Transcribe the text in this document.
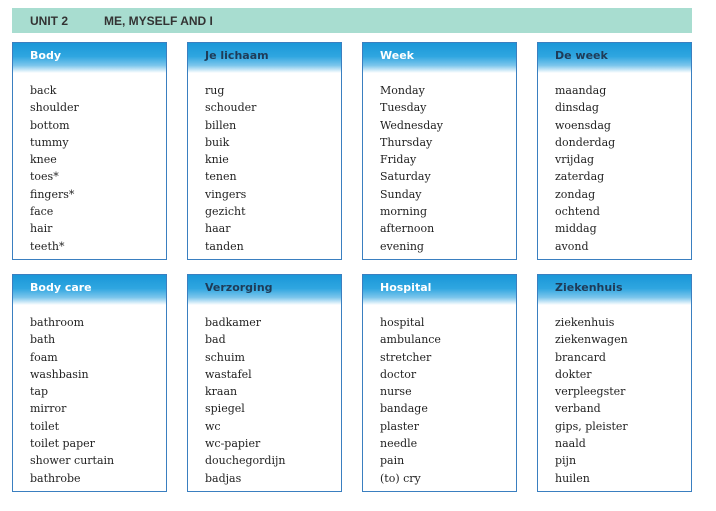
UNIT 2	ME, MYSELF AND I
Body
back
shoulder
bottom
tummy
knee
toes*
fingers*
face
hair
teeth*
Je lichaam
rug
schouder
billen
buik
knie
tenen
vingers
gezicht
haar
tanden
Week
Monday
Tuesday
Wednesday
Thursday
Friday
Saturday
Sunday
morning
afternoon
evening
De week
maandag
dinsdag
woensdag
donderdag
vrijdag
zaterdag
zondag
ochtend
middag
avond
Body care
bathroom
bath
foam
washbasin
tap
mirror
toilet
toilet paper
shower curtain
bathrobe
Verzorging
badkamer
bad
schuim
wastafel
kraan
spiegel
wc
wc-papier
douchegordijn
badjas
Hospital
hospital
ambulance
stretcher
doctor
nurse
bandage
plaster
needle
pain
(to) cry
Ziekenhuis
ziekenhuis
ziekenwagen
brancard
dokter
verpleegster
verband
gips, pleister
naald
pijn
huilen
